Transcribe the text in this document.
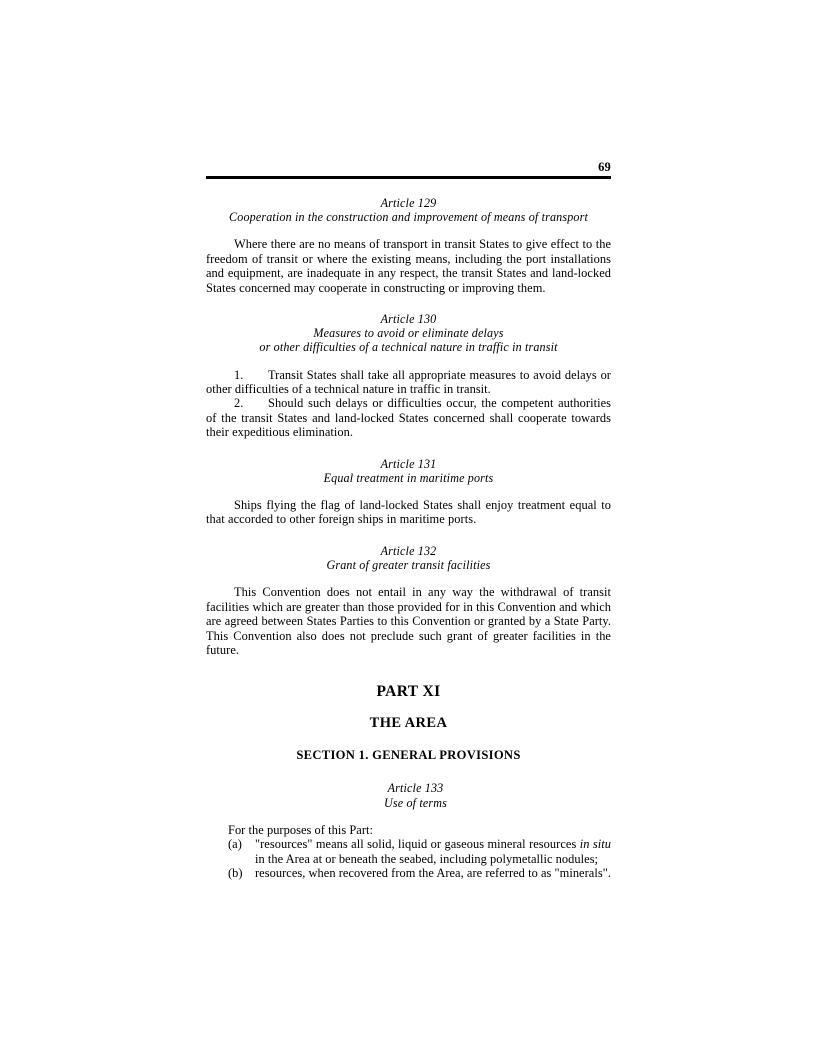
69
Article 129
Cooperation in the construction and improvement of means of transport

Where there are no means of transport in transit States to give effect to the freedom of transit or where the existing means, including the port installations and equipment, are inadequate in any respect, the transit States and land-locked States concerned may cooperate in constructing or improving them.

Article 130
Measures to avoid or eliminate delays
or other difficulties of a technical nature in traffic in transit

1. Transit States shall take all appropriate measures to avoid delays or other difficulties of a technical nature in traffic in transit.

2. Should such delays or difficulties occur, the competent authorities of the transit States and land-locked States concerned shall cooperate towards their expeditious elimination.

Article 131
Equal treatment in maritime ports

Ships flying the flag of land-locked States shall enjoy treatment equal to that accorded to other foreign ships in maritime ports.

Article 132
Grant of greater transit facilities

This Convention does not entail in any way the withdrawal of transit facilities which are greater than those provided for in this Convention and which are agreed between States Parties to this Convention or granted by a State Party. This Convention also does not preclude such grant of greater facilities in the future.

PART XI
THE AREA
SECTION 1. GENERAL PROVISIONS
Article 133
Use of terms

For the purposes of this Part:

(a)	"resources" means all solid, liquid or gaseous mineral resources in situ in the Area at or beneath the seabed, including polymetallic nodules;
(b) resources, when recovered from the Area, are referred to as "minerals".
